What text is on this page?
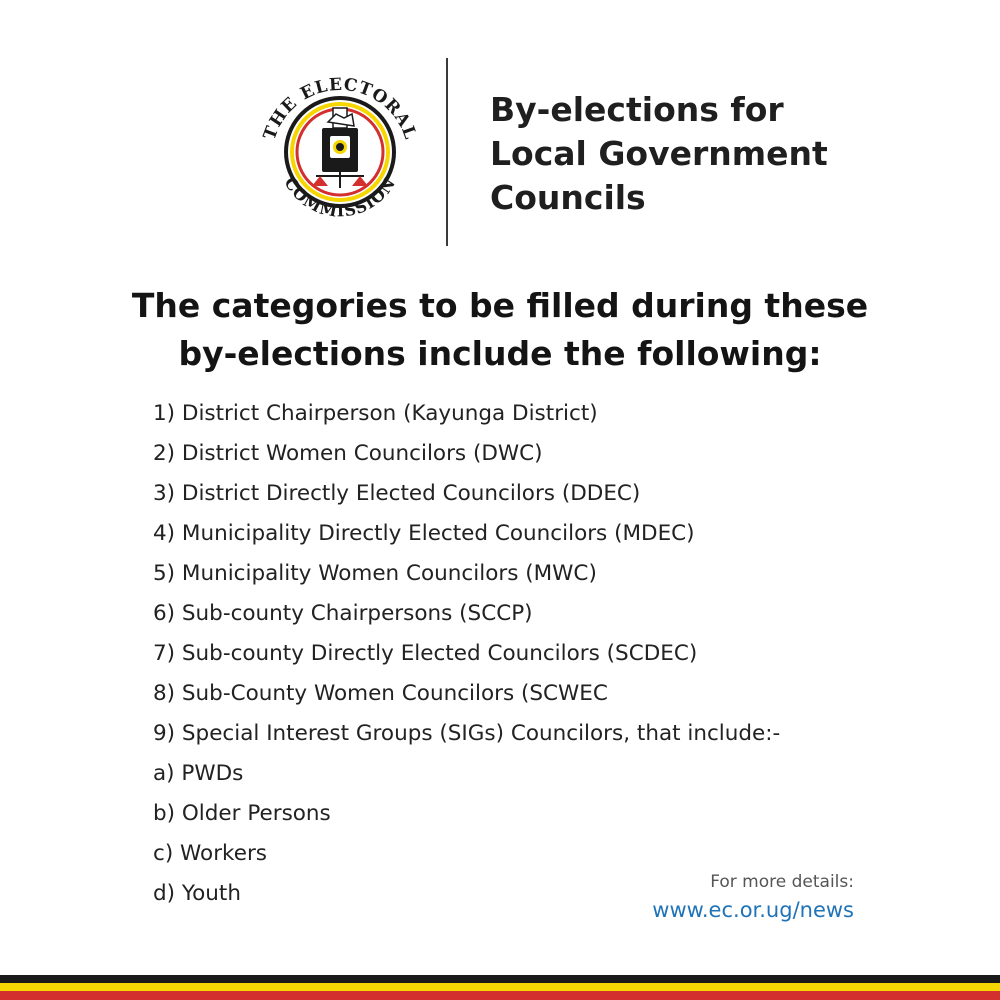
THE ELECTORAL
COMMISSION
By-elections for
Local Government
Councils
The categories to be filled during these
by-elections include the following:
1) District Chairperson (Kayunga District)
2) District Women Councilors (DWC)
3) District Directly Elected Councilors (DDEC)
4) Municipality Directly Elected Councilors (MDEC)
5) Municipality Women Councilors (MWC)
6) Sub-county Chairpersons (SCCP)
7) Sub-county Directly Elected Councilors (SCDEC)
8) Sub-County Women Councilors (SCWEC
9) Special Interest Groups (SIGs) Councilors, that include:-
a) PWDs
b) Older Persons
c) Workers
d) Youth	For more details:
www.ec.or.ug/news
